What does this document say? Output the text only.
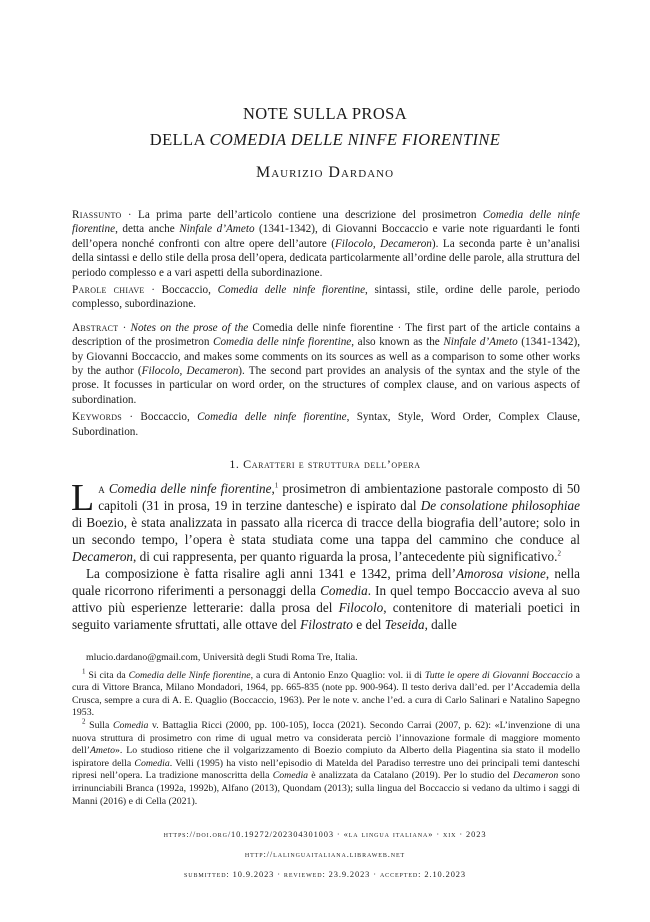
NOTE SULLA PROSA
DELLA COMEDIA DELLE NINFE FIORENTINE
Maurizio Dardano

Riassunto · La prima parte dell’articolo contiene una descrizione del prosimetron Comedia delle ninfe fiorentine, detta anche Ninfale d’Ameto (1341-1342), di Giovanni Boccaccio e varie note riguardanti le fonti dell’opera nonché confronti con altre opere dell’autore (Filocolo, Decameron). La seconda parte è un’analisi della sintassi e dello stile della prosa dell’opera, dedicata particolarmente all’ordine delle parole, alla struttura del periodo complesso e a vari aspetti della subordinazione.

Parole chiave · Boccaccio, Comedia delle ninfe fiorentine, sintassi, stile, ordine delle parole, periodo complesso, subordinazione.

Abstract · Notes on the prose of the Comedia delle ninfe fiorentine · The first part of the article contains a description of the prosimetron Comedia delle ninfe fiorentine, also known as the Ninfale d’Ameto (1341-1342), by Giovanni Boccaccio, and makes some comments on its sources as well as a comparison to some other works by the author (Filocolo, Decameron). The second part provides an analysis of the syntax and the style of the prose. It focusses in particular on word order, on the structures of complex clause, and on various aspects of subordination.

Keywords · Boccaccio, Comedia delle ninfe fiorentine, Syntax, Style, Word Order, Complex Clause, Subordination.

1. Caratteri e struttura dell’opera

La Comedia delle ninfe fiorentine,$^1$ prosimetron di ambientazione pastorale composto di 50 capitoli (31 in prosa, 19 in terzine dantesche) e ispirato dal De consolatione philosophiae di Boezio, è stata analizzata in passato alla ricerca di tracce della biografia dell’autore; solo in un secondo tempo, l’opera è stata studiata come una tappa del cammino che conduce al Decameron, di cui rappresenta, per quanto riguarda la prosa, l’antecedente più significativo.$^2$

La composizione è fatta risalire agli anni 1341 e 1342, prima dell’Amorosa visione, nella quale ricorrono riferimenti a personaggi della Comedia. In quel tempo Boccaccio aveva al suo attivo più esperienze letterarie: dalla prosa del Filocolo, contenitore di materiali poetici in seguito variamente sfruttati, alle ottave del Filostrato e del Teseida, dalle

mlucio.dardano@gmail.com, Università degli Studi Roma Tre, Italia.

$^1$ Si cita da Comedia delle Ninfe fiorentine, a cura di Antonio Enzo Quaglio: vol. ii di Tutte le opere di Giovanni Boccaccio a cura di Vittore Branca, Milano Mondadori, 1964, pp. 665-835 (note pp. 900-964). Il testo deriva dall’ed. per l’Accademia della Crusca, sempre a cura di A. E. Quaglio (Boccaccio, 1963). Per le note v. anche l’ed. a cura di Carlo Salinari e Natalino Sapegno 1953.

$^2$ Sulla Comedia v. Battaglia Ricci (2000, pp. 100-105), Iocca (2021). Secondo Carrai (2007, p. 62): «L’invenzione di una nuova struttura di prosimetro con rime di ugual metro va considerata perciò l’innovazione formale di maggiore momento dell’Ameto». Lo studioso ritiene che il volgarizzamento di Boezio compiuto da Alberto della Piagentina sia stato il modello ispiratore della Comedia. Velli (1995) ha visto nell’episodio di Matelda del Paradiso terrestre uno dei principali temi danteschi ripresi nell’opera. La tradizione manoscritta della Comedia è analizzata da Catalano (2019). Per lo studio del Decameron sono irrinunciabili Branca (1992a, 1992b), Alfano (2013), Quondam (2013); sulla lingua del Boccaccio si vedano da ultimo i saggi di Manni (2016) e di Cella (2021).

https://doi.org/10.19272/202304301003 · «la lingua italiana» · xix · 2023
http://lalinguaitaliana.libraweb.net
submitted: 10.9.2023 · reviewed: 23.9.2023 · accepted: 2.10.2023
